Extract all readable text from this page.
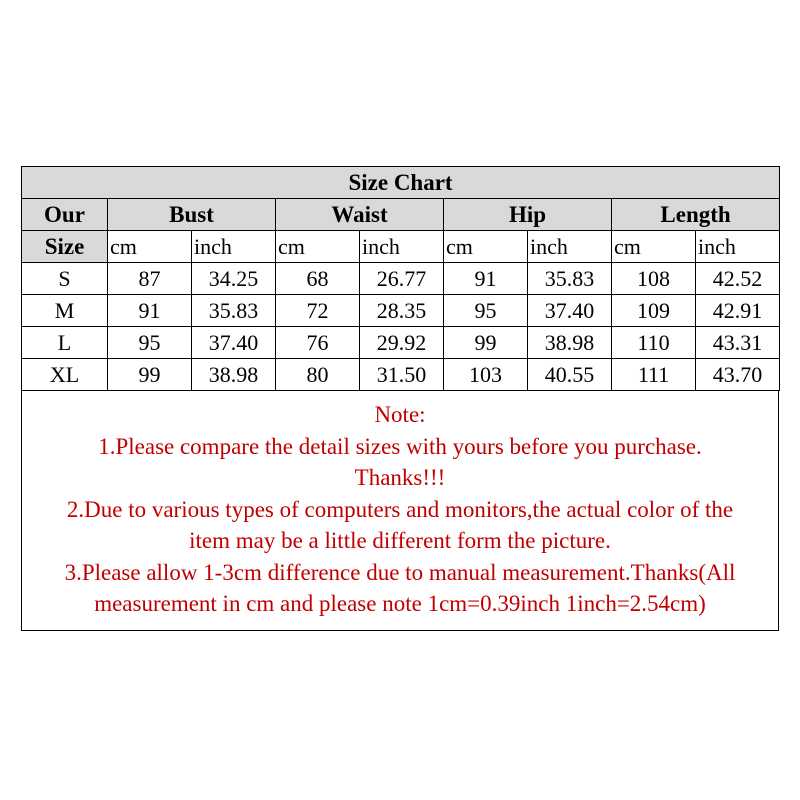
Size Chart								
Our	Bust		Waist		Hip		Length	
Size	cm	inch	cm	inch	cm	inch	cm	inch
S	87	34.25	68	26.77	91	35.83	108	42.52
M	91	35.83	72	28.35	95	37.40	109	42.91
L	95	37.40	76	29.92	99	38.98	110	43.31
XL	99	38.98	80	31.50	103	40.55	111	43.70

Note:

1.Please compare the detail sizes with yours before you purchase.

Thanks!!!

2.Due to various types of computers and monitors,the actual color of the

item may be a little different form the picture.

3.Please allow 1-3cm difference due to manual measurement.Thanks(All

measurement in cm and please note 1cm=0.39inch 1inch=2.54cm)
